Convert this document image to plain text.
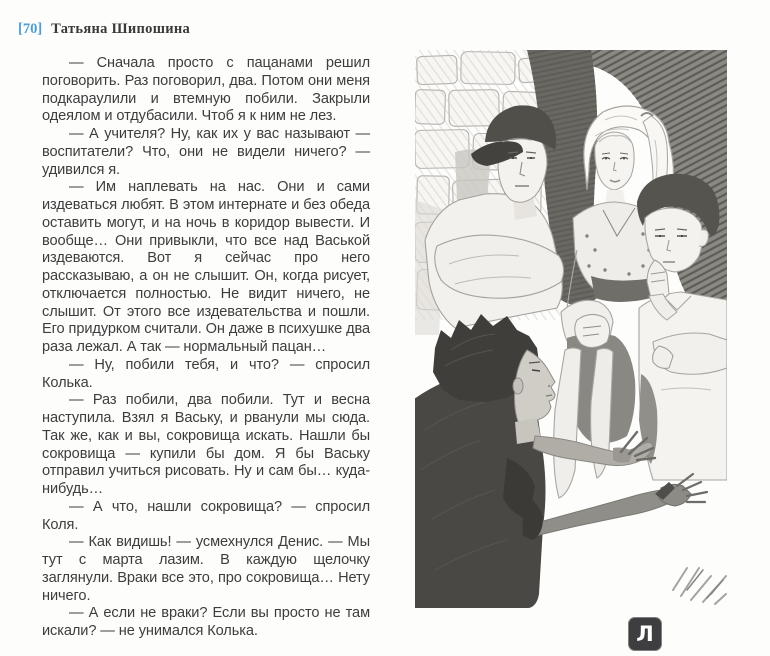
[70] Татьяна Шипошина

— Сначала просто с пацанами решил поговорить. Раз поговорил, два. Потом они меня подкараулили и втемную побили. Закрыли одеялом и отдубасили. Чтоб я к ним не лез.

— А учителя? Ну, как их у вас называют — воспитатели? Что, они не видели ничего? — удивился я.

— Им наплевать на нас. Они и сами издеваться любят. В этом интернате и без обеда оставить могут, и на ночь в коридор вывести. И вообще… Они привыкли, что все над Васькой издеваются. Вот я сейчас про него рассказываю, а он не слышит. Он, когда рисует, отключается полностью. Не видит ничего, не слышит. От этого все издевательства и пошли. Его придурком считали. Он даже в психушке два раза лежал. А так — нормальный пацан…

— Ну, побили тебя, и что? — спросил Колька.

— Раз побили, два побили. Тут и весна наступила. Взял я Ваську, и рванули мы сюда. Так же, как и вы, сокровища искать. Нашли бы сокровища — купили бы дом. Я бы Ваську отправил учиться рисовать. Ну и сам бы… куда-нибудь…

— А что, нашли сокровища? — спросил Коля.

— Как видишь! — усмехнулся Денис. — Мы тут с марта лазим. В каждую щелочку заглянули. Враки все это, про сокровища… Нету ничего.

— А если не враки? Если вы просто не там искали? — не унимался Колька.	Л
